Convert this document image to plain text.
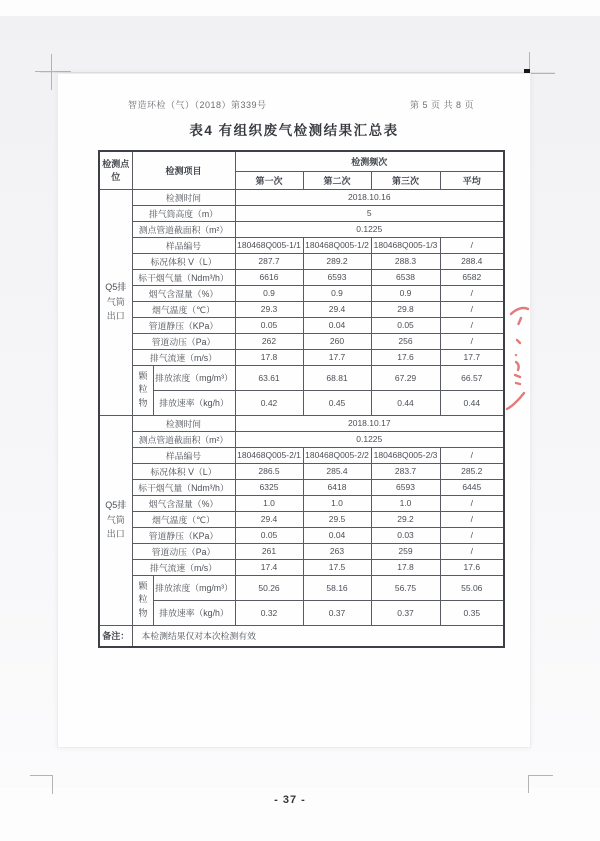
智造环检（气）（2018）第339号	第 5 页 共 8 页
表4 有组织废气检测结果汇总表
检测点位	检测项目		检测频次			
			第一次	第二次	第三次	平均

Q5排气筒出口	检测时间		2018.10.16			
	排气筒高度（m）		5			
	测点管道截面积（m²）		0.1225			
	样品编号		180468Q005-1/1	180468Q005-1/2	180468Q005-1/3	/
	标况体积 V（L）		287.7	289.2	288.3	288.4
	标干烟气量（Ndm³/h）		6616	6593	6538	6582
	烟气含湿量（%）		0.9	0.9	0.9	/
	烟气温度（℃）		29.3	29.4	29.8	/
	管道静压（KPa）		0.05	0.04	0.05	/
	管道动压（Pa）		262	260	256	/
	排气流速（m/s）		17.8	17.7	17.6	17.7

	颗粒物	排放浓度（mg/m³）	63.61	68.81	67.29	66.57
		排放速率（kg/h）	0.42	0.45	0.44	0.44

Q5排气筒出口	检测时间		2018.10.17			
	测点管道截面积（m²）		0.1225			
	样品编号		180468Q005-2/1	180468Q005-2/2	180468Q005-2/3	/
	标况体积 V（L）		286.5	285.4	283.7	285.2
	标干烟气量（Ndm³/h）		6325	6418	6593	6445
	烟气含湿量（%）		1.0	1.0	1.0	/
	烟气温度（℃）		29.4	29.5	29.2	/
	管道静压（KPa）		0.05	0.04	0.03	/
	管道动压（Pa）		261	263	259	/
	排气流速（m/s）		17.4	17.5	17.8	17.6

	颗粒物	排放浓度（mg/m³）	50.26	58.16	56.75	55.06
		排放速率（kg/h）	0.32	0.37	0.37	0.35
备注：	本检测结果仅对本次检测有效					
- 37 -
